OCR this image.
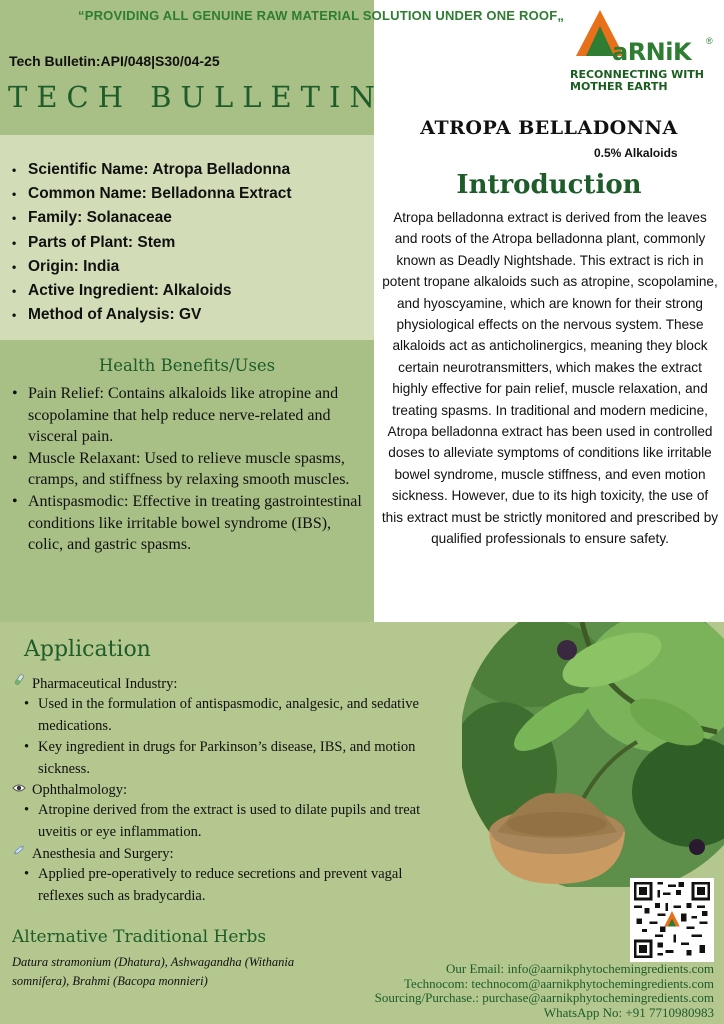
“PROVIDING ALL GENUINE RAW MATERIAL SOLUTION UNDER ONE ROOF„
Tech Bulletin:API/048|S30/04-25
TECH BULLETIN
aRNiK ®
RECONNECTING WITH
MOTHER EARTH
ATROPA BELLADONNA
0.5% Alkaloids
• Scientific Name: Atropa Belladonna
• Common Name: Belladonna Extract
• Family: Solanaceae
• Parts of Plant: Stem
• Origin: India
• Active Ingredient: Alkaloids
• Method of Analysis: GV
Health Benefits/Uses
• Pain Relief: Contains alkaloids like atropine and scopolamine that help reduce nerve-related and visceral pain.
• Muscle Relaxant: Used to relieve muscle spasms, cramps, and stiffness by relaxing smooth muscles.
• Antispasmodic: Effective in treating gastrointestinal conditions like irritable bowel syndrome (IBS), colic, and gastric spasms.
Introduction

Atropa belladonna extract is derived from the leaves and roots of the Atropa belladonna plant, commonly known as Deadly Nightshade. This extract is rich in potent tropane alkaloids such as atropine, scopolamine, and hyoscyamine, which are known for their strong physiological effects on the nervous system. These alkaloids act as anticholinergics, meaning they block certain neurotransmitters, which makes the extract highly effective for pain relief, muscle relaxation, and treating spasms. In traditional and modern medicine, Atropa belladonna extract has been used in controlled doses to alleviate symptoms of conditions like irritable bowel syndrome, muscle stiffness, and even motion sickness. However, due to its high toxicity, the use of this extract must be strictly monitored and prescribed by qualified professionals to ensure safety.

Application
Pharmaceutical Industry:
• Used in the formulation of antispasmodic, analgesic, and sedative medications.
• Key ingredient in drugs for Parkinson’s disease, IBS, and motion sickness.
Ophthalmology:
• Atropine derived from the extract is used to dilate pupils and treat uveitis or eye inflammation.
Anesthesia and Surgery:
• Applied pre-operatively to reduce secretions and prevent vagal reflexes such as bradycardia.
Alternative Traditional Herbs
Datura stramonium (Dhatura), Ashwagandha (Withania somnifera), Brahmi (Bacopa monnieri)
Our Email: info@aarnikphytochemingredients.com
Technocom: technocom@aarnikphytochemingredients.com
Sourcing/Purchase.: purchase@aarnikphytochemingredients.com
WhatsApp No: +91 7710980983
